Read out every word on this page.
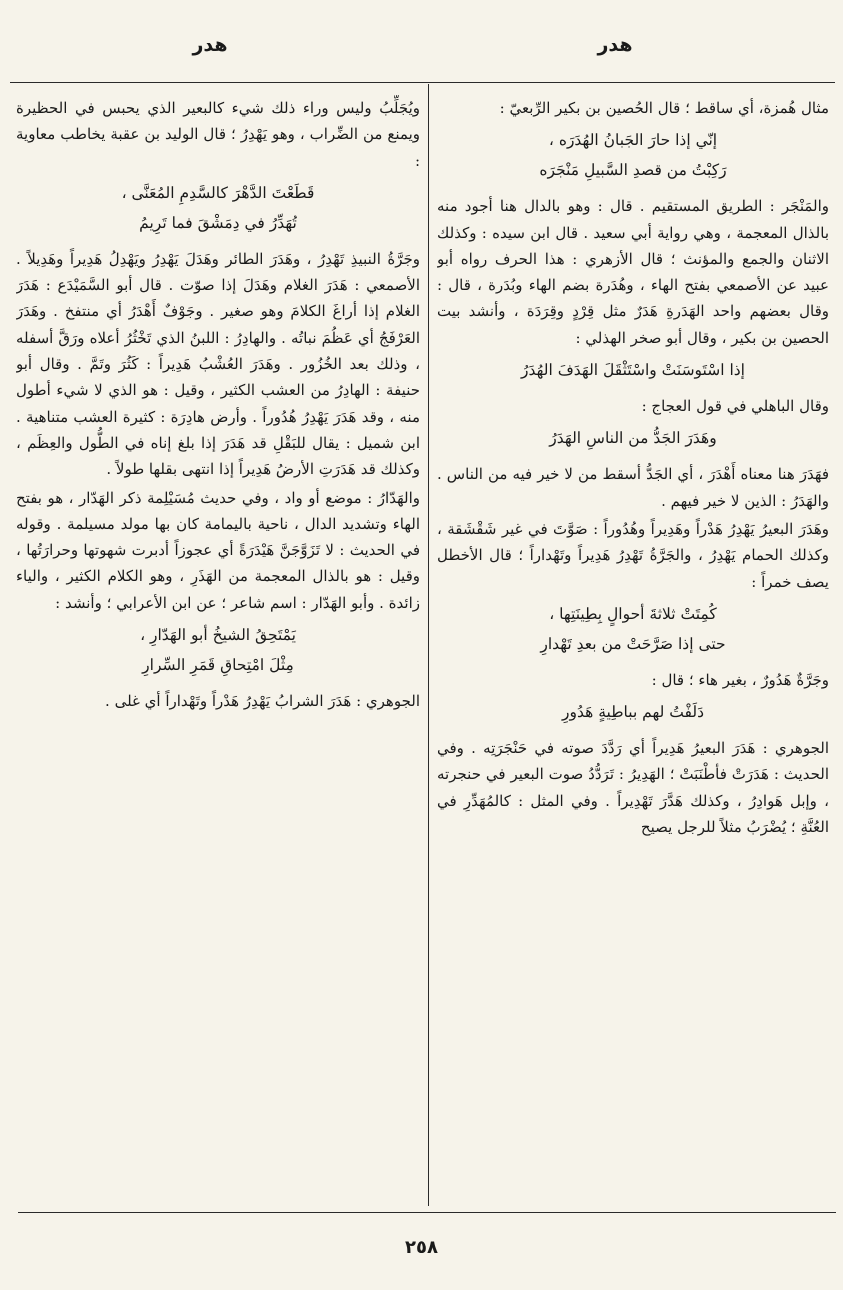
هدر
هدر

مثال هُمزة، أي ساقط ؛ قال الحُصين بن بكير الرِّبعيّ :

إنّي إذا حارَ الجَبانُ الهُدَرَه ،
رَكِبْتُ من قصدِ السَّبيلِ مَنْجَرَه

والمَنْجَر : الطريق المستقيم . قال : وهو بالدال هنا أجود منه بالذال المعجمة ، وهي رواية أبي سعيد . قال ابن سيده : وكذلك الاثنان والجمع والمؤنث ؛ قال الأزهري : هذا الحرف رواه أبو عبيد عن الأصمعي بفتح الهاء ، وهُدَرة بضم الهاء وبُدَرة ، قال : وقال بعضهم واحد الهَدَرةِ هَدَرٌ مثل قِرْدٍ وقِرَدَة ، وأنشد بيت الحصين بن بكير ، وقال أبو صخر الهذلي :

إذا اسْتَوسَنَتْ واسْتَثْقَلَ الهَدَفَ الهُدَرُ

وقال الباهلي في قول العجاج :

وهَدَرَ الجَدُّ من الناسِ الهَدَرُ

فهَدَرَ هنا معناه أَهْدَرَ ، أي الجَدُّ أسقط من لا خير فيه من الناس . والهَدَرُ : الذين لا خير فيهم .

وهَدَرَ البعيرُ يَهْدِرُ هَدْراً وهَدِيراً وهُدُوراً : صَوَّتَ في غير شَقْشَقة ، وكذلك الحمام يَهْدِرُ ، والجَرَّةُ تَهْدِرُ هَدِيراً وتَهْداراً ؛ قال الأخطل يصف خمراً :

كُمِتَتْ ثلاثةَ أحوالٍ بِطِينَتِها ،
حتى إذا صَرَّحَتْ من بعدِ تَهْدارِ

وجَرَّةٌ هَدُورٌ ، بغير هاء ؛ قال :

دَلَفْتُ لهم بباطِيةٍ هَدُورِ

الجوهري : هَدَرَ البعيرُ هَدِيراً أي رَدَّدَ صوته في حَنْجَرَتِه . وفي الحديث : هَدَرَتْ فأطْنَبَتْ ؛ الهَدِيرُ : تَرَدُّدُ صوت البعير في حنجرته ، وإبل هَوادِرُ ، وكذلك هَدَّرَ تَهْدِيراً . وفي المثل : كالمُهَدِّرِ في العُنَّةِ ؛ يُضْرَبُ مثلاً للرجل يصيح

ويُجَلِّبُ وليس وراء ذلك شيء كالبعير الذي يحبس في الحظيرة ويمنع من الضِّراب ، وهو يَهْدِرُ ؛ قال الوليد بن عقبة يخاطب معاوية :

قَطَعْتَ الدَّهْرَ كالسَّدِمِ المُعَنَّى ،
تُهَدِّرُ في دِمَشْقَ فما تَرِيمُ

وجَرَّةُ النبيذِ تَهْدِرُ ، وهَدَرَ الطائر وهَدَلَ يَهْدِرُ ويَهْدِلُ هَدِيراً وهَدِيلاً . الأصمعي : هَدَرَ الغلام وهَدَلَ إذا صوّت . قال أبو السَّمَيْدَع : هَدَرَ الغلام إذا أراغَ الكلامَ وهو صغير . وجَوْفٌ أَهْدَرُ أي منتفخ . وهَدَرَ العَرْفَجُ أي عَظُمَ نباتُه . والهادِرُ : اللبنُ الذي تَخْثُرُ أعلاه ورَقَّ أسفله ، وذلك بعد الخُزُور . وهَدَرَ العُشْبُ هَدِيراً : كَثُرَ وتَمَّ . وقال أبو حنيفة : الهادِرُ من العشب الكثير ، وقيل : هو الذي لا شيء أطول منه ، وقد هَدَرَ يَهْدِرُ هُدُوراً . وأرض هادِرَة : كثيرة العشب متناهية . ابن شميل : يقال للبَقْلِ قد هَدَرَ إذا بلغ إناه في الطُّول والعِظَم ، وكذلك قد هَدَرَتِ الأرضُ هَدِيراً إذا انتهى بقلها طولاً .

والهَدّارُ : موضع أو واد ، وفي حديث مُسَيْلِمة ذكر الهَدّار ، هو بفتح الهاء وتشديد الدال ، ناحية باليمامة كان بها مولد مسيلمة . وقوله في الحديث : لا تَزَوَّجَنَّ هَيْدَرَةً أي عجوزاً أدبرت شهوتها وحرارَتُها ، وقيل : هو بالذال المعجمة من الهَذَرِ ، وهو الكلام الكثير ، والياء زائدة . وأبو الهَدّار : اسم شاعر ؛ عن ابن الأعرابي ؛ وأنشد :

يَمْتَحِقُ الشيخُ أبو الهَدّارِ ،
مِثْلَ امْتِحاقِ قَمَرِ السِّرارِ

الجوهري : هَدَرَ الشرابُ يَهْدِرُ هَدْراً وتَهْداراً أي غلى .

٢٥٨
